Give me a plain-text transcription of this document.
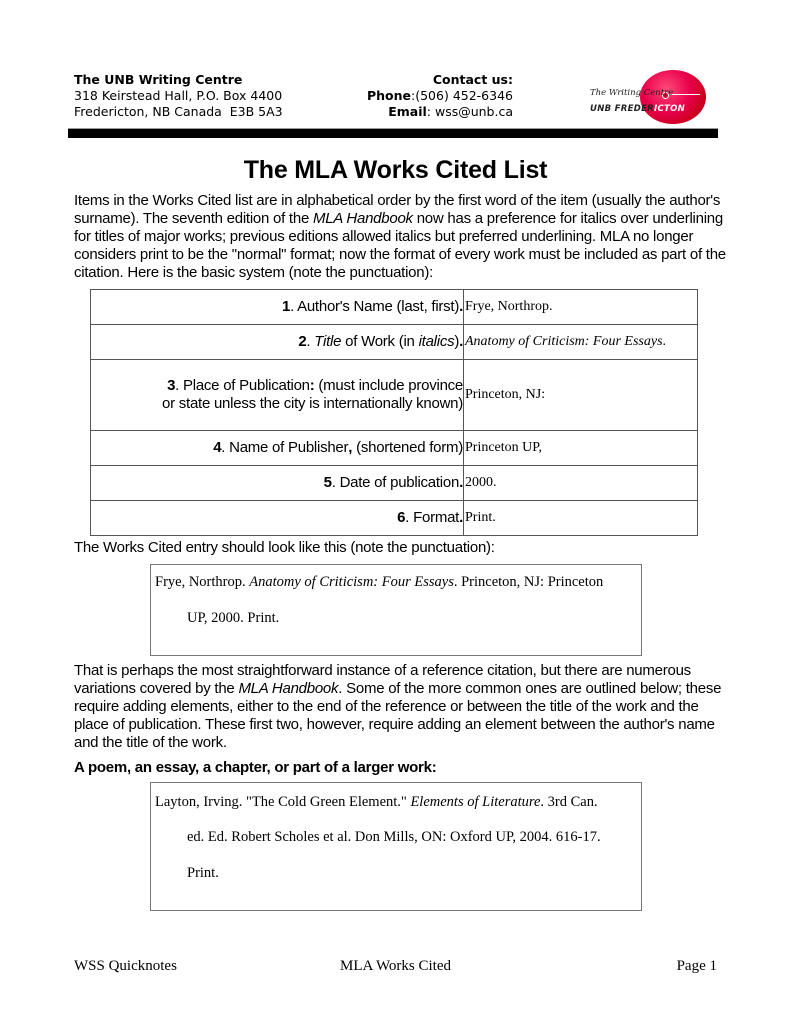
The UNB Writing Centre
318 Keirstead Hall, P.O. Box 4400
Fredericton, NB Canada  E3B 5A3
Contact us:
Phone:(506) 452-6346
Email: wss@unb.ca
The Writing Centre
UNB FREDERICTON
The MLA Works Cited List
Items in the Works Cited list are in alphabetical order by the first word of the item (usually the author's surname). The seventh edition of the MLA Handbook now has a preference for italics over underlining for titles of major works; previous editions allowed italics but preferred underlining. MLA no longer considers print to be the "normal" format; now the format of every work must be included as part of the citation. Here is the basic system (note the punctuation):
1. Author's Name (last, first).	Frye, Northrop.
2. Title of Work (in italics).	Anatomy of Criticism: Four Essays.
3. Place of Publication: (must include province or state unless the city is internationally known)	Princeton, NJ:
4. Name of Publisher, (shortened form)	Princeton UP,
5. Date of publication.	2000.
6. Format.	Print.
The Works Cited entry should look like this (note the punctuation):
Frye, Northrop. Anatomy of Criticism: Four Essays. Princeton, NJ: Princeton
UP, 2000. Print.
That is perhaps the most straightforward instance of a reference citation, but there are numerous variations covered by the MLA Handbook. Some of the more common ones are outlined below; these require adding elements, either to the end of the reference or between the title of the work and the place of publication. These first two, however, require adding an element between the author's name and the title of the work.
A poem, an essay, a chapter, or part of a larger work:
Layton, Irving. "The Cold Green Element." Elements of Literature. 3rd Can.
ed. Ed. Robert Scholes et al. Don Mills, ON: Oxford UP, 2004. 616-17.
Print.
WSS Quicknotes	MLA Works Cited	Page 1
